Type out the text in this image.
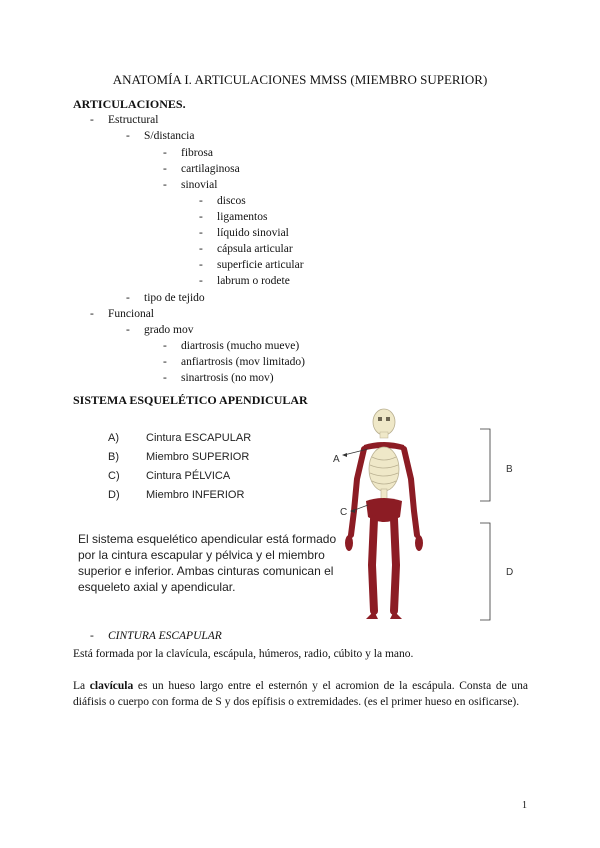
ANATOMÍA I. ARTICULACIONES MMSS (MIEMBRO SUPERIOR)
ARTICULACIONES.
- Estructural
- S/distancia
- fibrosa
- cartilaginosa
- sinovial
- discos
- ligamentos
- líquido sinovial
- cápsula articular
- superficie articular
- labrum o rodete
- tipo de tejido
- Funcional
- grado mov
- diartrosis (mucho mueve)
- anfiartrosis (mov limitado)
- sinartrosis (no mov)
SISTEMA ESQUELÉTICO APENDICULAR
A) Cintura ESCAPULAR
B) Miembro SUPERIOR
C) Cintura PÉLVICA
D) Miembro INFERIOR
El sistema esquelético apendicular está formado por la cintura escapular y pélvica y el miembro superior e inferior. Ambas cinturas comunican el esqueleto axial y apendicular.
A
B
C
D
- CINTURA ESCAPULAR
Está formada por la clavícula, escápula, húmeros, radio, cúbito y la mano.
La clavícula es un hueso largo entre el esternón y el acromion de la escápula. Consta de una diáfisis o cuerpo con forma de S y dos epífisis o extremidades. (es el primer hueso en osificarse).
1
